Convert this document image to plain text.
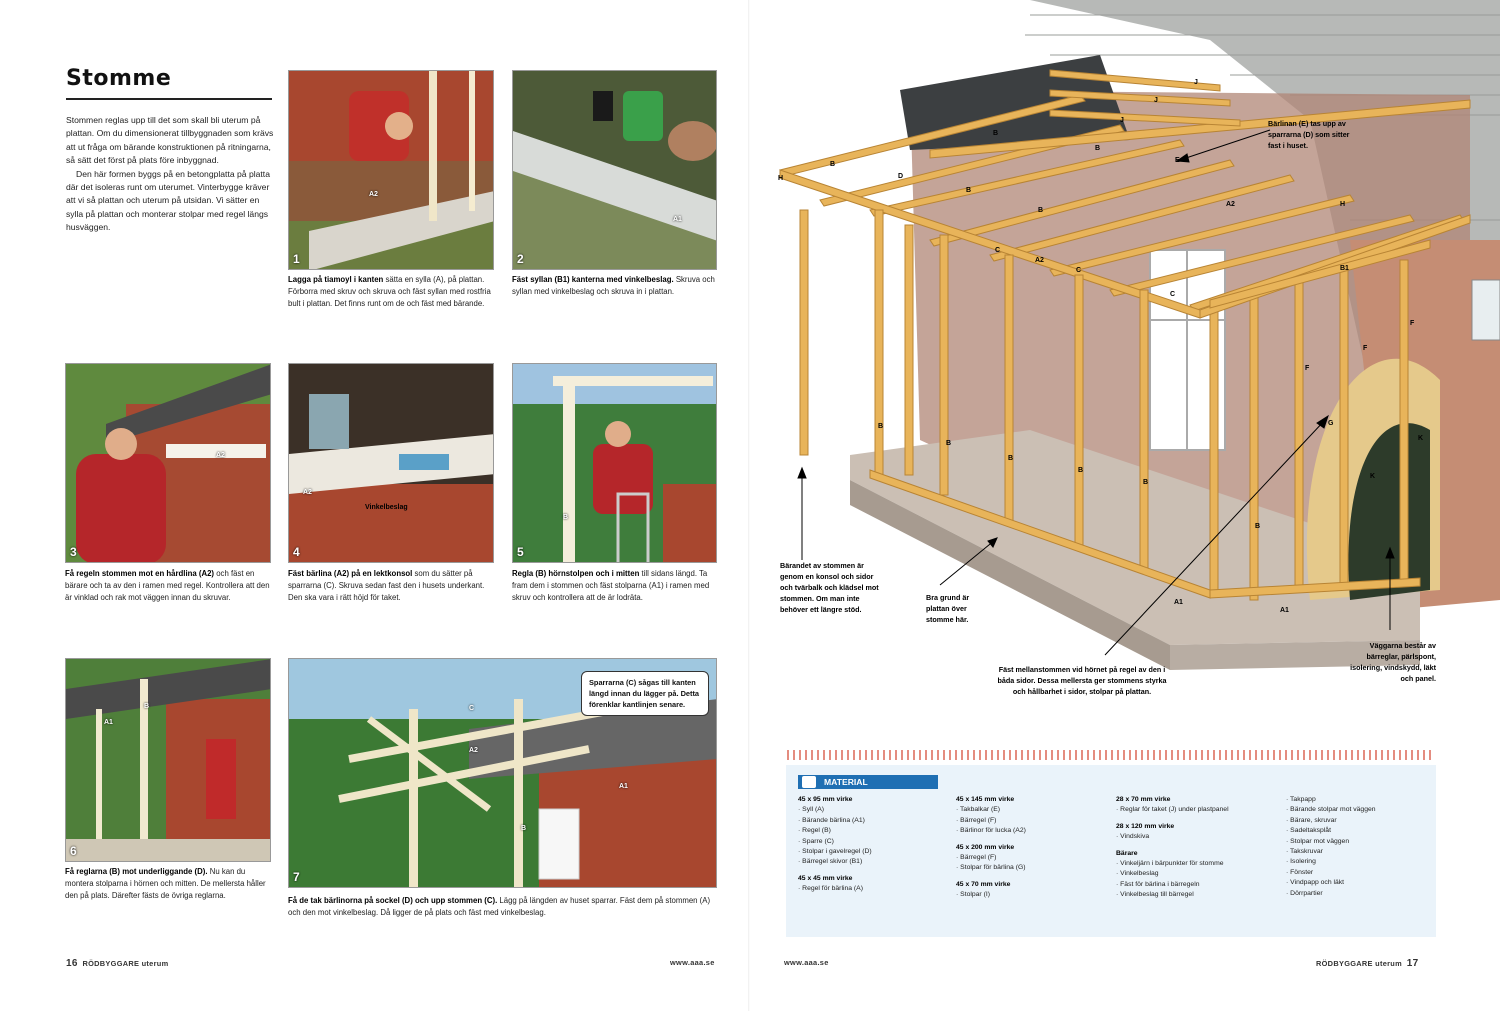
Stomme

Stommen reglas upp till det som skall bli uterum på plattan. Om du dimensionerat tillbyggnaden som krävs att ut fråga om bärande konstruktionen på ritningarna, så sätt det först på plats före inbyggnad.

Den här formen byggs på en betongplatta på platta där det isoleras runt om uterumet. Vinterbygge kräver att vi så plattan och uterum på utsidan. Vi sätter en sylla på plattan och monterar stolpar med regel längs husväggen.

A2
1
Lagga på tiamoyl i kanten sätta en sylla (A), på plattan. Förborra med skruv och skruva och fäst syllan med rostfria bult i plattan. Det finns runt om de och fäst med bärande.
A1
2
Fäst syllan (B1) kanterna med vinkelbeslag. Skruva och syllan med vinkelbeslag och skruva in i plattan.
A2
3
Få regeln stommen mot en hårdlina (A2) och fäst en bärare och ta av den i ramen med regel. Kontrollera att den är vinklad och rak mot väggen innan du skruvar.
A2
Vinkelbeslag
4
Fäst bärlina (A2) på en lektkonsol som du sätter på sparrarna (C). Skruva sedan fast den i husets underkant. Den ska vara i rätt höjd för taket.
B
5
Regla (B) hörnstolpen och i mitten till sidans längd. Ta fram dem i stommen och fäst stolparna (A1) i ramen med skruv och kontrollera att de är lodräta.
A1
B
6
Få reglarna (B) mot underliggande (D). Nu kan du montera stolparna i hörnen och mitten. De mellersta håller den på plats. Därefter fästs de övriga reglarna.
C
A2
B
A1
7
Sparrarna (C) sågas till kanten längd innan du lägger på. Detta förenklar kantlinjen senare.
Få de tak bärlinorna på sockel (D) och upp stommen (C). Lägg på längden av huset sparrar. Fäst dem på stommen (A) och den mot vinkelbeslag. Då ligger de på plats och fäst med vinkelbeslag.
16 RÖDBYGGARE uterum	www.aaa.se
H
B
D
B
B
B
B
E
J
J
J
C
A2
C
C
A2	H
B1
F
F
F
G
K
K
B
B
B
B
B
B
A1
A1
Bärlinan (E) tas upp av sparrarna (D) som sitter fast i huset.
Bärandet av stommen är genom en konsol och sidor och tvärbalk och klädsel mot stommen. Om man inte behöver ett längre stöd.
Bra grund är plattan över stomme här.
Fäst mellanstommen vid hörnet på regel av den i båda sidor. Dessa mellersta ger stommens styrka och hållbarhet i sidor, stolpar på plattan.
Väggarna består av bärreglar, pärlspont, isolering, vindskydd, läkt och panel.
www.aaa.se	RÖDBYGGARE uterum 17
MATERIAL
45 x 95 mm virke
· Syll (A)
· Bärande bärlina (A1)
· Regel (B)
· Sparre (C)
· Stolpar i gavelregel (D)
· Bärregel skivor (B1)
45 x 45 mm virke
· Regel för bärlina (A)
45 x 145 mm virke
· Takbalkar (E)
· Bärregel (F)
· Bärlinor för lucka (A2)
45 x 200 mm virke
· Bärregel (F)
· Stolpar för bärlina (G)
45 x 70 mm virke
· Stolpar (I)
28 x 70 mm virke
· Reglar för taket (J) under plastpanel
28 x 120 mm virke
· Vindskiva
Bärare
· Vinkeljärn i bärpunkter för stomme
· Vinkelbeslag
· Fäst för bärlina i bärregeln
· Vinkelbeslag till bärregel
· Takpapp
· Bärande stolpar mot väggen
· Bärare, skruvar
· Sadeltaksplåt
· Stolpar mot väggen
· Takskruvar
· Isolering
· Fönster
· Vindpapp och läkt
· Dörrpartier
